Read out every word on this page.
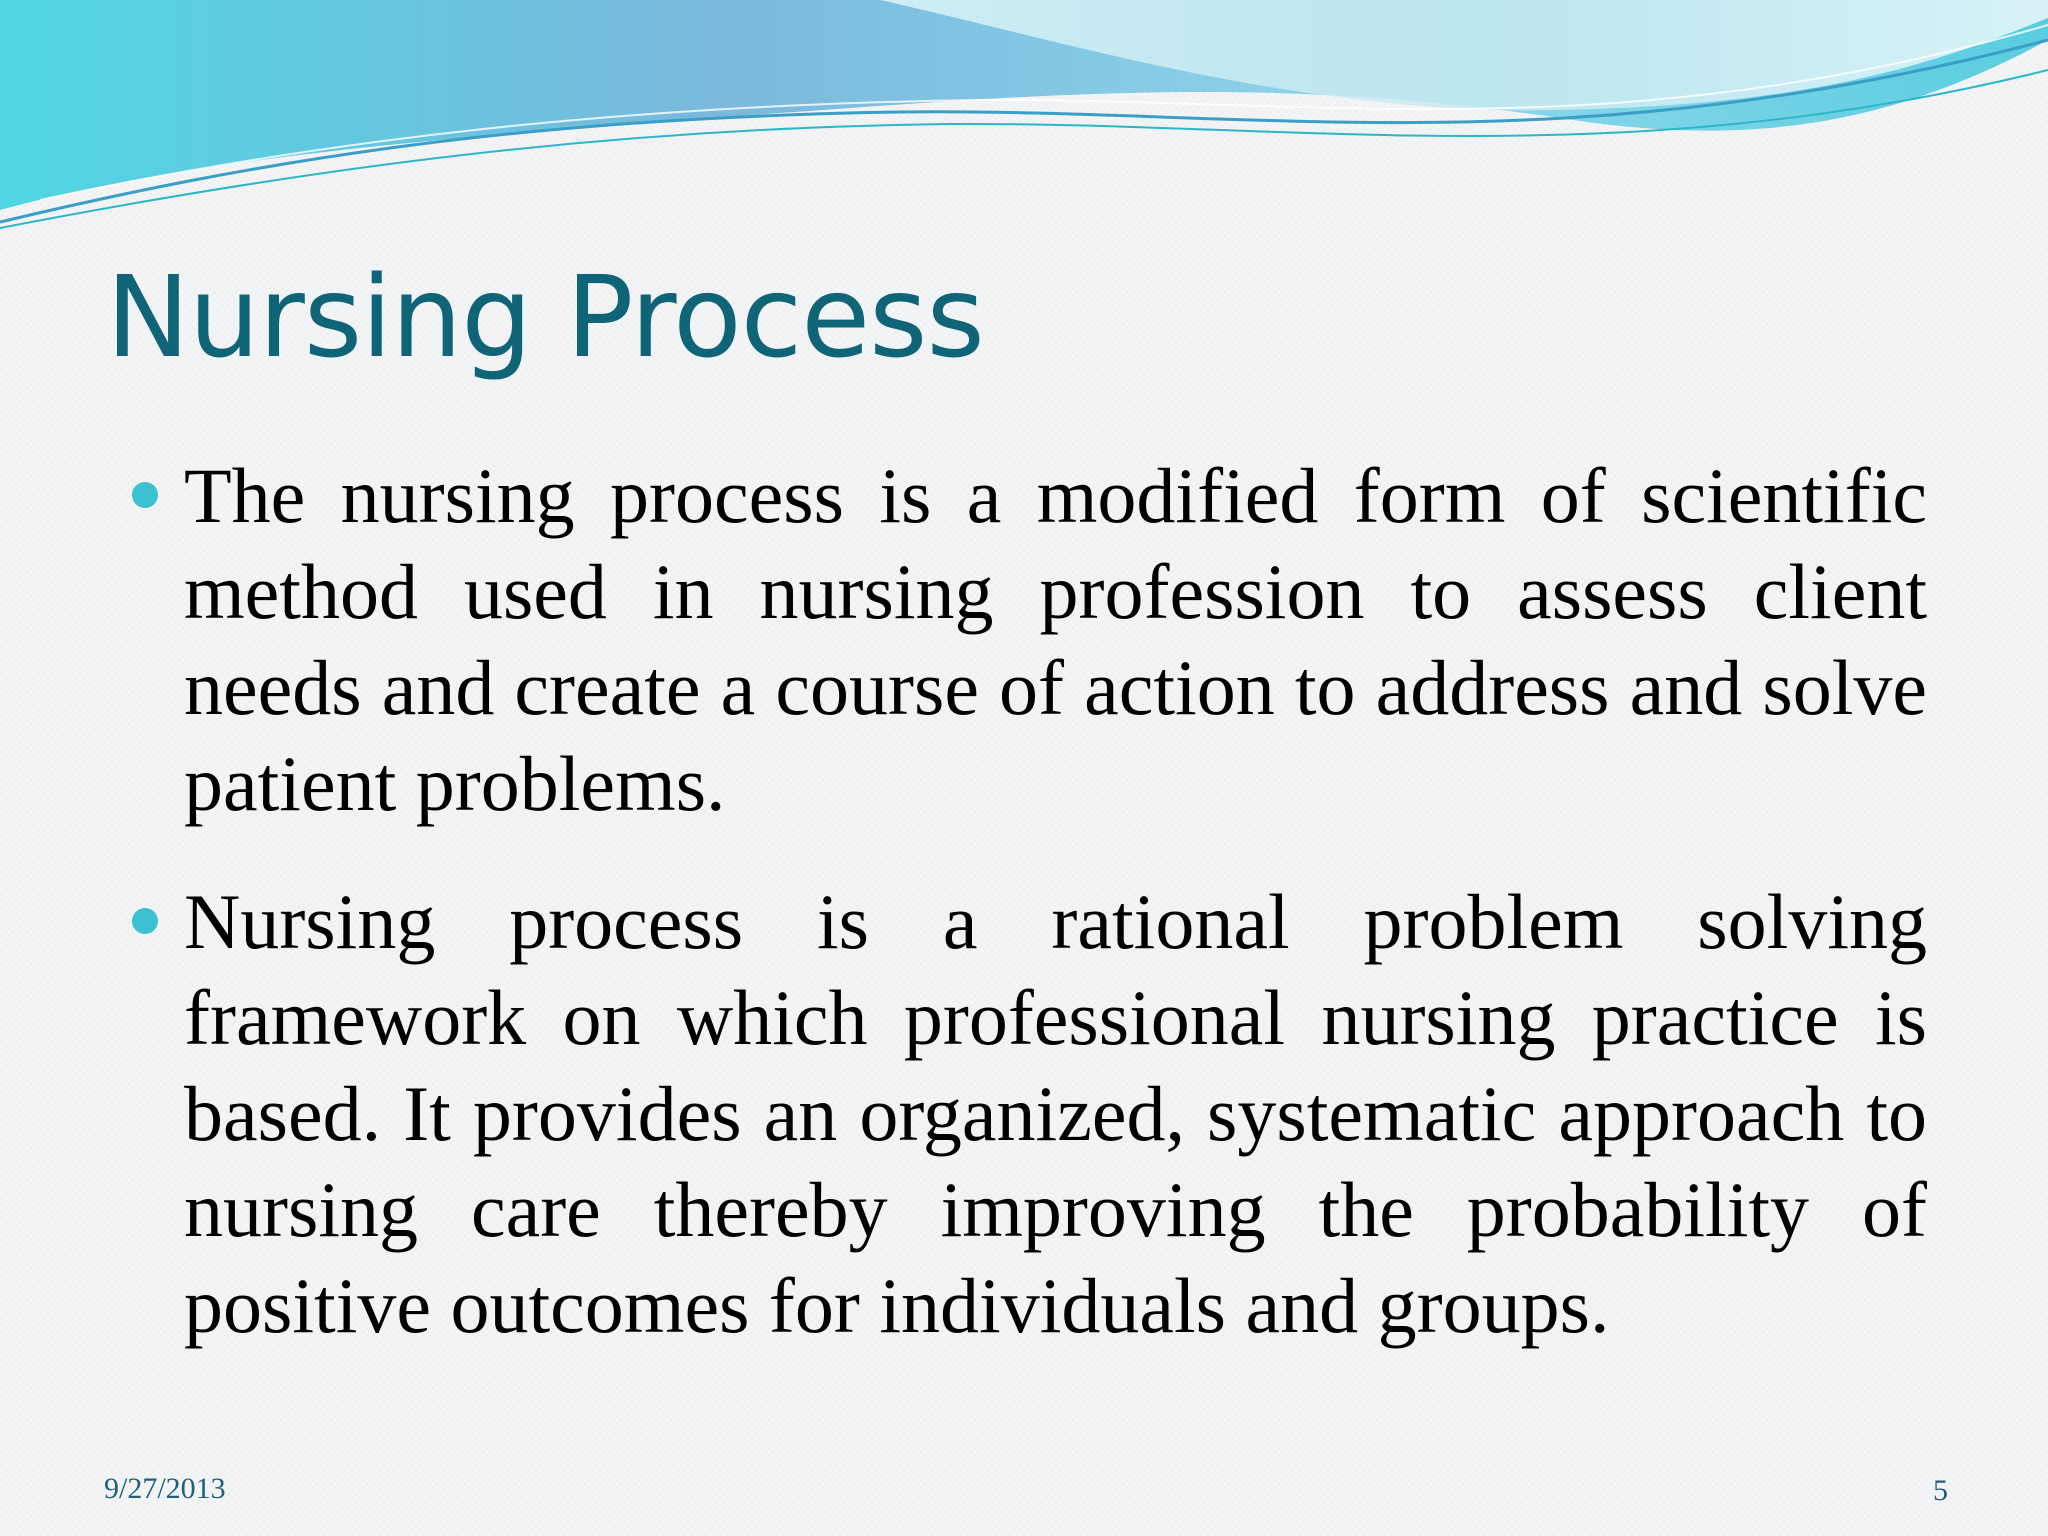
Nursing Process
The nursing process is a modified form of scientific method used in nursing profession to assess client needs and create a course of action to address and solve patient problems.
Nursing process is a rational problem solving framework on which professional nursing practice is based. It provides an organized, systematic approach to nursing care thereby improving the probability of positive outcomes for individuals and groups.
9/27/2013	5
